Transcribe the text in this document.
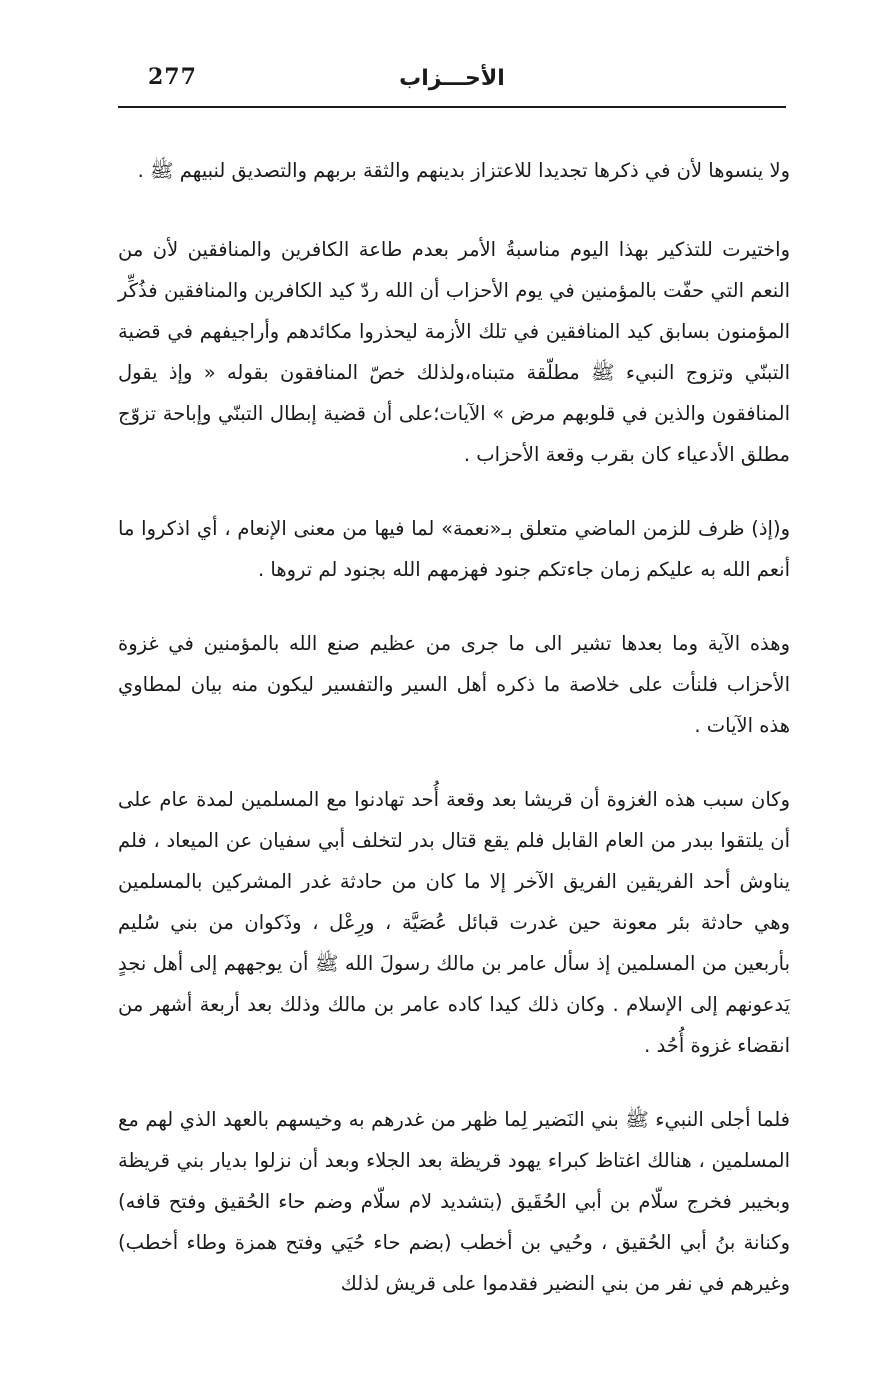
277	الأحـــزاب

ولا ينسوها لأن في ذكرها تجديدا للاعتزاز بدينهم والثقة بربهم والتصديق لنبيهم ﷺ .

واختيرت للتذكير بهذا اليوم مناسبةُ الأمر بعدم طاعة الكافرين والمنافقين لأن من النعم التي حفّت بالمؤمنين في يوم الأحزاب أن الله ردّ كيد الكافرين والمنافقين فذُكِّر المؤمنون بسابق كيد المنافقين في تلك الأزمة ليحذروا مكائدهم وأراجيفهم في قضية التبنّي وتزوج النبيء ﷺ مطلّقة متبناه،ولذلك خصّ المنافقون بقوله « وإذ يقول المنافقون والذين في قلوبهم مرض » الآيات؛على أن قضية إبطال التبنّي وإباحة تزوّج مطلق الأدعياء كان بقرب وقعة الأحزاب .

و(إذ) ظرف للزمن الماضي متعلق بـ«نعمة» لما فيها من معنى الإنعام ، أي اذكروا ما أنعم الله به عليكم زمان جاءتكم جنود فهزمهم الله بجنود لم تروها .

وهذه الآية وما بعدها تشير الى ما جرى من عظيم صنع الله بالمؤمنين في غزوة الأحزاب فلنأت على خلاصة ما ذكره أهل السير والتفسير ليكون منه بيان لمطاوي هذه الآيات .

وكان سبب هذه الغزوة أن قريشا بعد وقعة أُحد تهادنوا مع المسلمين لمدة عام على أن يلتقوا ببدر من العام القابل فلم يقع قتال بدر لتخلف أبي سفيان عن الميعاد ، فلم يناوش أحد الفريقين الفريق الآخر إلا ما كان من حادثة غدر المشركين بالمسلمين وهي حادثة بئر معونة حين غدرت قبائل عُصَيَّة ، ورِعْل ، وذَكوان من بني سُليم بأربعين من المسلمين إذ سأل عامر بن مالك رسولَ الله ﷺ أن يوجههم إلى أهل نجدٍ يَدعونهم إلى الإسلام . وكان ذلك كيدا كاده عامر بن مالك وذلك بعد أربعة أشهر من انقضاء غزوة أُحُد .

فلما أجلى النبيء ﷺ بني النَضير لِما ظهر من غدرهم به وخيسهم بالعهد الذي لهم مع المسلمين ، هنالك اغتاظ كبراء يهود قريظة بعد الجلاء وبعد أن نزلوا بديار بني قريظة وبخيبر فخرج سلّام بن أبي الحُقَيق (بتشديد لام سلّام وضم حاء الحُقيق وفتح قافه) وكنانة بنُ أبي الحُقيق ، وحُيي بن أخطب (بضم حاء حُيَي وفتح همزة وطاء أخطب) وغيرهم في نفر من بني النضير فقدموا على قريش لذلك
